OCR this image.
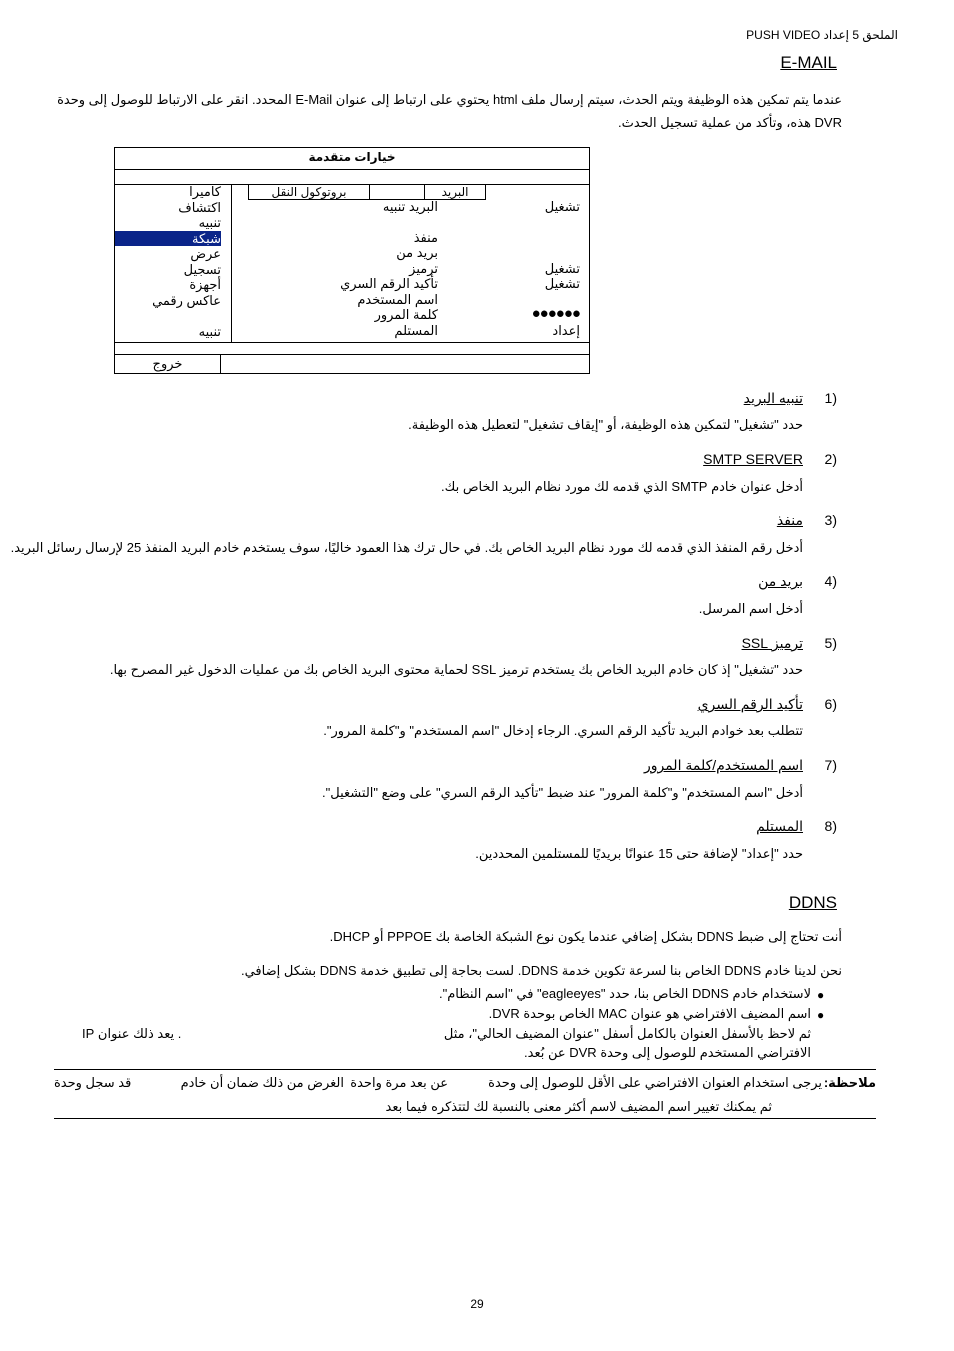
الملحق 5 إعداد PUSH VIDEO
E-MAIL
عندما يتم تمكين هذه الوظيفة ويتم الحدث، سيتم إرسال ملف html يحتوي على ارتباط إلى عنوان E-Mail المحدد. انقر على الارتباط للوصول إلى وحدة DVR هذه، وتأكد من عملية تسجيل الحدث.
خيارات متقدمة
كاميرا
اكتشاف
تنبيه
شبكة
عرض
تسجيل
أجهزة
عاكس رقمي
تنبيه
البريد
بروتوكول النقل
البريد تنبيه	تشغيل
منفذ
بريد من
ترميز	تشغيل
تأكيد الرقم السري	تشغيل
اسم المستخدم
كلمة المرور	●●●●●●
المستلم	إعداد
خروج
1)
تنبيه البريد
حدد "تشغيل" لتمكين هذه الوظيفة، أو "إيقاف تشغيل" لتعطيل هذه الوظيفة.
2)
SMTP SERVER
أدخل عنوان خادم SMTP الذي قدمه لك مورد نظام البريد الخاص بك.
3)
منفذ
أدخل رقم المنفذ الذي قدمه لك مورد نظام البريد الخاص بك. في حال ترك هذا العمود خاليًا، سوف يستخدم خادم البريد المنفذ 25 لإرسال رسائل البريد.
4)
بريد من
أدخل اسم المرسل.
5)
ترميز SSL
حدد "تشغيل" إذ كان خادم البريد الخاص بك يستخدم ترميز SSL لحماية محتوى البريد الخاص بك من عمليات الدخول غير المصرح بها.
6)
تأكيد الرقم السري
تتطلب بعد خوادم البريد تأكيد الرقم السري. الرجاء إدخال "اسم المستخدم" و"كلمة المرور".
7)
اسم المستخدم/كلمة المرور
أدخل "اسم المستخدم" و"كلمة المرور" عند ضبط "تأكيد الرقم السري" على وضع "التشغيل".
8)
المستلم
حدد "إعداد" لإضافة حتى 15 عنوانًا بريديًا للمستلمين المحددين.
DDNS
أنت تحتاج إلى ضبط DDNS بشكل إضافي عندما يكون نوع الشبكة الخاصة بك PPPOE أو DHCP.
نحن لدينا خادم DDNS الخاص بنا لسرعة تكوين خدمة DDNS. لست بحاجة إلى تطبيق خدمة DDNS بشكل إضافي.
●
لاستخدام خادم DDNS الخاص بنا، حدد "eagleeyes" في "اسم النظام".
●
اسم المضيف الافتراضي هو عنوان MAC الخاص بوحدة DVR.
ثم لاحظ بالأسفل العنوان بالكامل أسفل "عنوان المضيف الحالي"، مثل
. يعد ذلك عنوان IP
الافتراضي المستخدم للوصول إلى وحدة DVR عن بُعد.
ملاحظة:
يرجى استخدام العنوان الافتراضي على الأقل للوصول إلى وحدة
عن بعد مرة واحدة
الغرض من ذلك ضمان أن خادم
قد سجل وحدة
ثم يمكنك تغيير اسم المضيف لاسم أكثر معنى بالنسبة لك لتتذكره فيما بعد
29
